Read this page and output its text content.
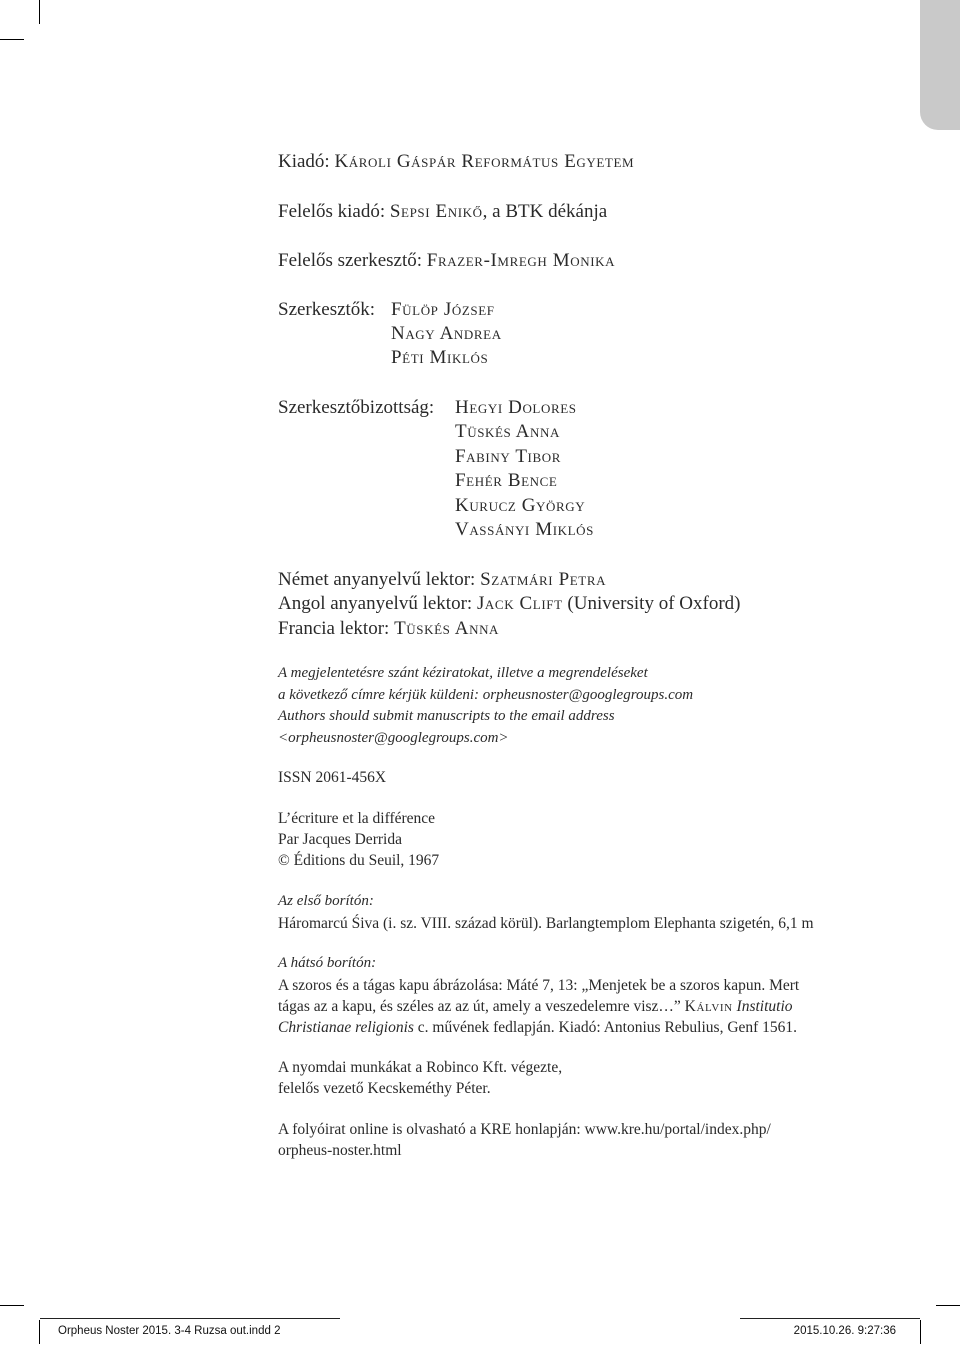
Kiadó: Károli Gáspár Református Egyetem
Felelős kiadó: Sepsi Enikő, a BTK dékánja
Felelős szerkesztő: Frazer-Imregh Monika
Szerkesztők: Fülöp József
Nagy Andrea
Péti Miklós
Szerkesztőbizottság: Hegyi Dolores
Tüskés Anna
Fabiny Tibor
Fehér Bence
Kurucz György
Vassányi Miklós
Német anyanyelvű lektor: Szatmári Petra
Angol anyanyelvű lektor: Jack Clift (University of Oxford)
Francia lektor: Tüskés Anna
A megjelentetésre szánt kéziratokat, illetve a megrendeléseket
a következő címre kérjük küldeni: orpheusnoster@googlegroups.com
Authors should submit manuscripts to the email address
<orpheusnoster@googlegroups.com>
ISSN 2061-456X
L’écriture et la différence
Par Jacques Derrida
© Éditions du Seuil, 1967
Az első borítón:
Háromarcú Śiva (i. sz. VIII. század körül). Barlangtemplom Elephanta szigetén, 6,1 m
A hátsó borítón:
A szoros és a tágas kapu ábrázolása: Máté 7, 13: „Menjetek be a szoros kapun. Mert
tágas az a kapu, és széles az az út, amely a veszedelemre visz…” Kálvin Institutio
Christianae religionis c. művének fedlapján. Kiadó: Antonius Rebulius, Genf 1561.
A nyomdai munkákat a Robinco Kft. végezte,
felelős vezető Kecskeméthy Péter.
A folyóirat online is olvasható a KRE honlapján: www.kre.hu/portal/index.php/
orpheus-noster.html
Orpheus Noster 2015. 3-4 Ruzsa out.indd 2	2015.10.26. 9:27:36
